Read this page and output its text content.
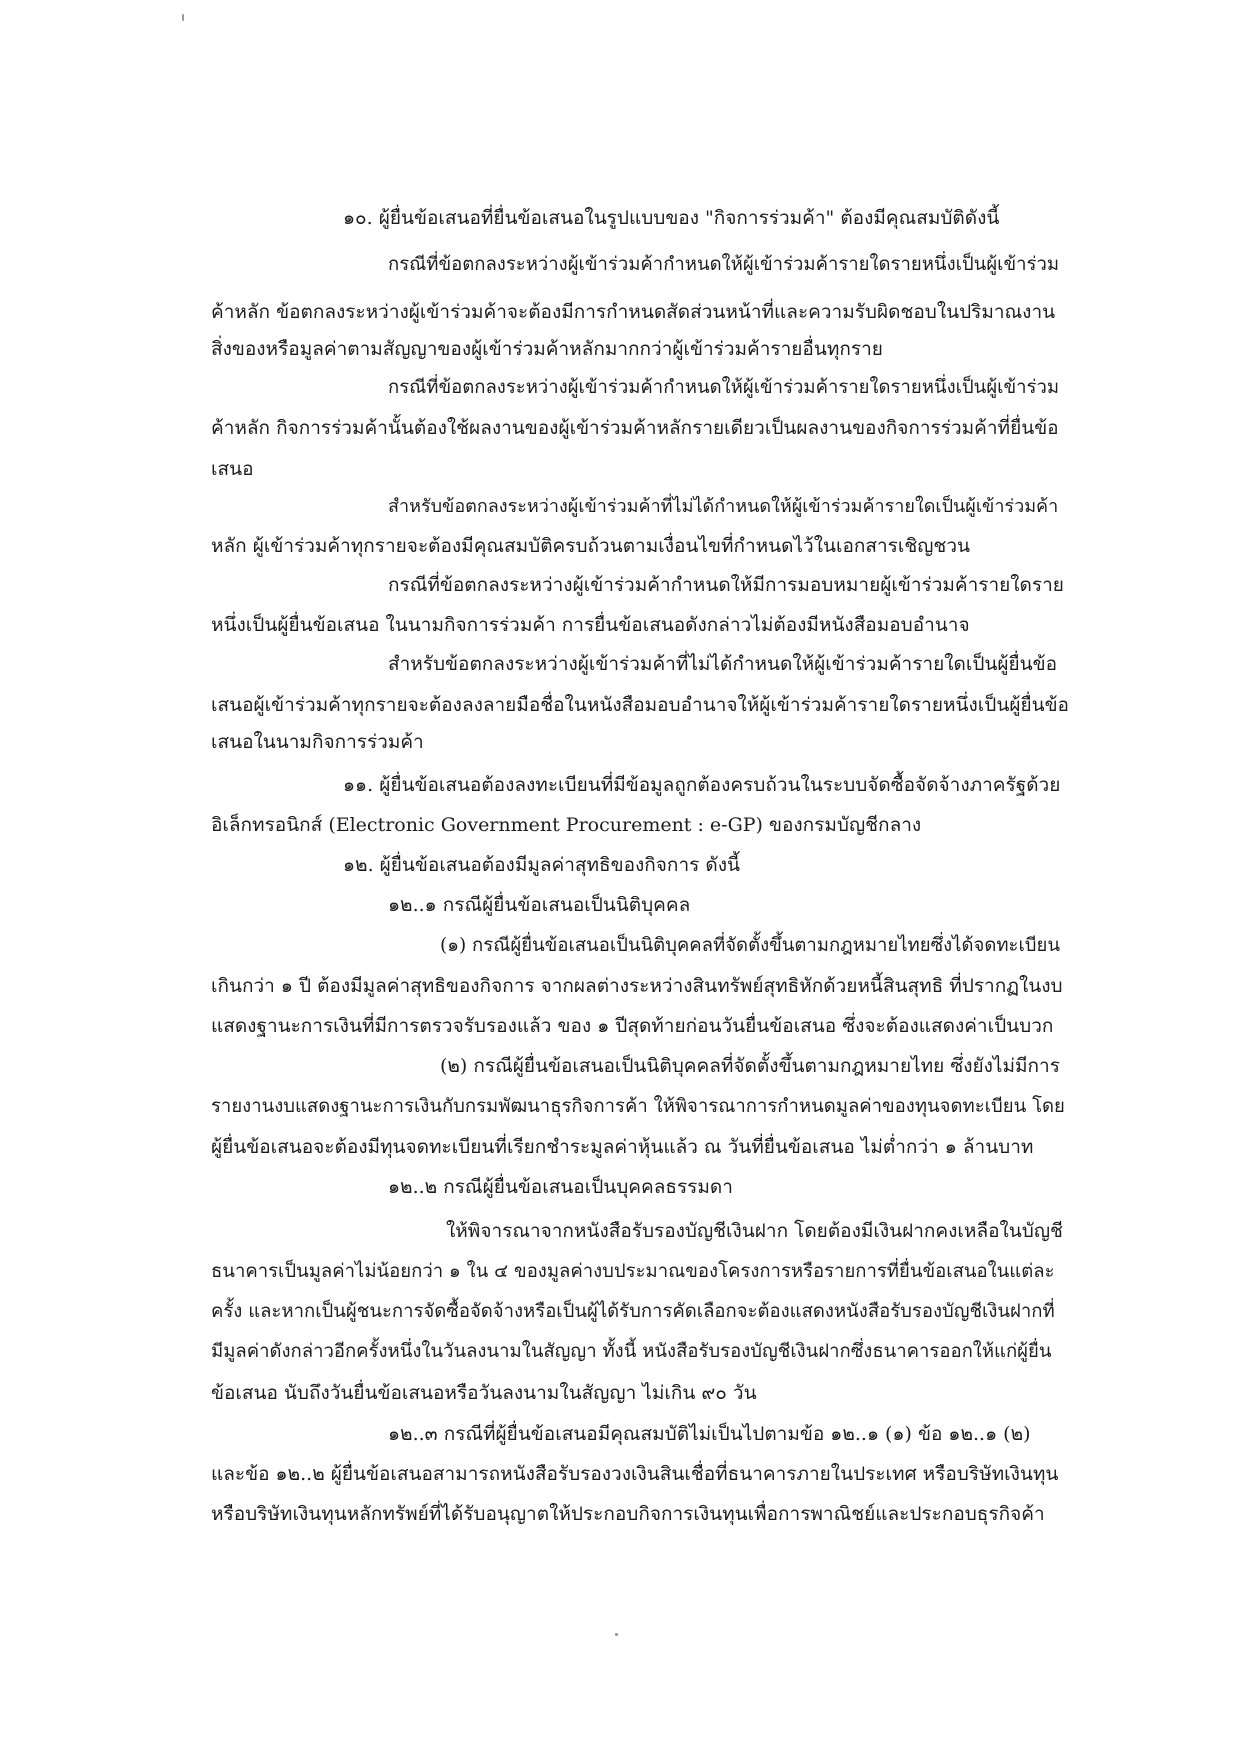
๑๐. ผู้ยื่นข้อเสนอที่ยื่นข้อเสนอในรูปแบบของ "กิจการร่วมค้า" ต้องมีคุณสมบัติดังนี้
กรณีที่ข้อตกลงระหว่างผู้เข้าร่วมค้ากำหนดให้ผู้เข้าร่วมค้ารายใดรายหนึ่งเป็นผู้เข้าร่วม
ค้าหลัก ข้อตกลงระหว่างผู้เข้าร่วมค้าจะต้องมีการกำหนดสัดส่วนหน้าที่และความรับผิดชอบในปริมาณงาน
สิ่งของหรือมูลค่าตามสัญญาของผู้เข้าร่วมค้าหลักมากกว่าผู้เข้าร่วมค้ารายอื่นทุกราย
กรณีที่ข้อตกลงระหว่างผู้เข้าร่วมค้ากำหนดให้ผู้เข้าร่วมค้ารายใดรายหนึ่งเป็นผู้เข้าร่วม
ค้าหลัก กิจการร่วมค้านั้นต้องใช้ผลงานของผู้เข้าร่วมค้าหลักรายเดียวเป็นผลงานของกิจการร่วมค้าที่ยื่นข้อ
เสนอ
สำหรับข้อตกลงระหว่างผู้เข้าร่วมค้าที่ไม่ได้กำหนดให้ผู้เข้าร่วมค้ารายใดเป็นผู้เข้าร่วมค้า
หลัก ผู้เข้าร่วมค้าทุกรายจะต้องมีคุณสมบัติครบถ้วนตามเงื่อนไขที่กำหนดไว้ในเอกสารเชิญชวน
กรณีที่ข้อตกลงระหว่างผู้เข้าร่วมค้ากำหนดให้มีการมอบหมายผู้เข้าร่วมค้ารายใดราย
หนึ่งเป็นผู้ยื่นข้อเสนอ ในนามกิจการร่วมค้า การยื่นข้อเสนอดังกล่าวไม่ต้องมีหนังสือมอบอำนาจ
สำหรับข้อตกลงระหว่างผู้เข้าร่วมค้าที่ไม่ได้กำหนดให้ผู้เข้าร่วมค้ารายใดเป็นผู้ยื่นข้อ
เสนอผู้เข้าร่วมค้าทุกรายจะต้องลงลายมือชื่อในหนังสือมอบอำนาจให้ผู้เข้าร่วมค้ารายใดรายหนึ่งเป็นผู้ยื่นข้อ
เสนอในนามกิจการร่วมค้า
๑๑. ผู้ยื่นข้อเสนอต้องลงทะเบียนที่มีข้อมูลถูกต้องครบถ้วนในระบบจัดซื้อจัดจ้างภาครัฐด้วย
อิเล็กทรอนิกส์ (Electronic Government Procurement : e-GP) ของกรมบัญชีกลาง
๑๒. ผู้ยื่นข้อเสนอต้องมีมูลค่าสุทธิของกิจการ ดังนี้
๑๒..๑ กรณีผู้ยื่นข้อเสนอเป็นนิติบุคคล
(๑) กรณีผู้ยื่นข้อเสนอเป็นนิติบุคคลที่จัดตั้งขึ้นตามกฎหมายไทยซึ่งได้จดทะเบียน
เกินกว่า ๑ ปี ต้องมีมูลค่าสุทธิของกิจการ จากผลต่างระหว่างสินทรัพย์สุทธิหักด้วยหนี้สินสุทธิ ที่ปรากฏในงบ
แสดงฐานะการเงินที่มีการตรวจรับรองแล้ว ของ ๑ ปีสุดท้ายก่อนวันยื่นข้อเสนอ ซึ่งจะต้องแสดงค่าเป็นบวก
(๒) กรณีผู้ยื่นข้อเสนอเป็นนิติบุคคลที่จัดตั้งขึ้นตามกฎหมายไทย ซึ่งยังไม่มีการ
รายงานงบแสดงฐานะการเงินกับกรมพัฒนาธุรกิจการค้า ให้พิจารณาการกำหนดมูลค่าของทุนจดทะเบียน โดย
ผู้ยื่นข้อเสนอจะต้องมีทุนจดทะเบียนที่เรียกชำระมูลค่าหุ้นแล้ว ณ วันที่ยื่นข้อเสนอ ไม่ต่ำกว่า ๑ ล้านบาท
๑๒..๒ กรณีผู้ยื่นข้อเสนอเป็นบุคคลธรรมดา
ให้พิจารณาจากหนังสือรับรองบัญชีเงินฝาก โดยต้องมีเงินฝากคงเหลือในบัญชี
ธนาคารเป็นมูลค่าไม่น้อยกว่า ๑ ใน ๔ ของมูลค่างบประมาณของโครงการหรือรายการที่ยื่นข้อเสนอในแต่ละ
ครั้ง และหากเป็นผู้ชนะการจัดซื้อจัดจ้างหรือเป็นผู้ได้รับการคัดเลือกจะต้องแสดงหนังสือรับรองบัญชีเงินฝากที่
มีมูลค่าดังกล่าวอีกครั้งหนึ่งในวันลงนามในสัญญา ทั้งนี้ หนังสือรับรองบัญชีเงินฝากซึ่งธนาคารออกให้แก่ผู้ยื่น
ข้อเสนอ นับถึงวันยื่นข้อเสนอหรือวันลงนามในสัญญา ไม่เกิน ๙๐ วัน
๑๒..๓ กรณีที่ผู้ยื่นข้อเสนอมีคุณสมบัติไม่เป็นไปตามข้อ ๑๒..๑ (๑) ข้อ ๑๒..๑ (๒)
และข้อ ๑๒..๒ ผู้ยื่นข้อเสนอสามารถหนังสือรับรองวงเงินสินเชื่อที่ธนาคารภายในประเทศ หรือบริษัทเงินทุน
หรือบริษัทเงินทุนหลักทรัพย์ที่ได้รับอนุญาตให้ประกอบกิจการเงินทุนเพื่อการพาณิชย์และประกอบธุรกิจค้า
